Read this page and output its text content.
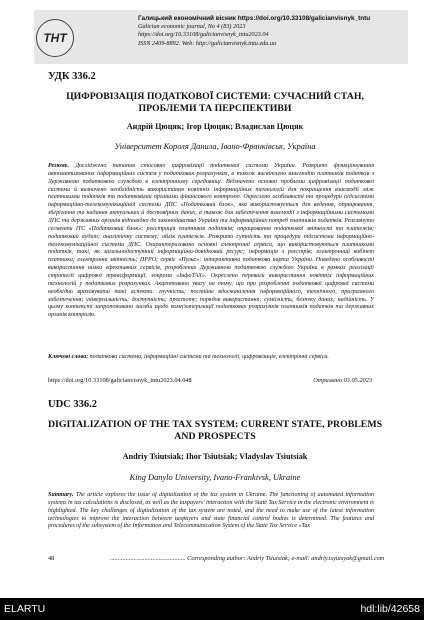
ТНТ
Галицький економічний вісник https://doi.org/10.33108/galicianvisnyk_tntu
Galician economic journal, No 4 (83) 2023
https://doi.org/10.33108/galicianvisnyk_tntu2023.04
ISSN 2409-8892. Web: http://galicianvisnyk.tntu.edu.ua
УДК 336.2
ЦИФРОВІЗАЦІЯ ПОДАТКОВОЇ СИСТЕМИ: СУЧАСНИЙ СТАН, ПРОБЛЕМИ ТА ПЕРСПЕКТИВИ
Андрій Цюцяк; Ігор Цюцяк; Владислав Цюцяк
Університет Короля Данила, Івано-Франківськ, Україна
Резюме. Досліджено питання стосовно цифровізації податкової системи України. Розкрито функціонування автоматизованих інформаційних систем у податкових розрахунках, а також висвітлено взаємодію платників податків з Державною податковою службою в електронному середовищі. Відзначено основні проблеми цифровізації податкової системи й визначено необхідність використання новітніх інформаційних технологій для покращення взаємодії між платниками податків та податковими органами фінансового контролю. Окреслено особливості та процедури підсистеми інформаційно-телекомунікаційної системи ДПС «Податковий блок», яка використовується для ведення, опрацювання, зберігання та надання актуальних й достовірних даних, а також для забезпечення взаємодії з інформаційними системами ДПС та державних органів відповідно до законодавства України та інформаційних потреб платників податків. Розглянуто сегменти ІТС «Податковий блок»: реєстрація платників податків; опрацювання податкової звітності та платежів; податковий аудит; аналітичну систему; облік платежів. Розкрито сутність та процедури підсистеми інформаційно-телекомунікаційної системи ДПС. Охарактеризовано основні електронні сервіси, що використовуються платниками податків, такі, як загальнодоступний інформаційно-довідковий ресурс; інформація з реєстрів; електронний кабінет платника; електронна звітність; ПРРО; сервіс «Пульс»; інтерактивна податкова карта України. Наведено особливості використання низки ефективних сервісів, розроблених Державною податковою службою України в рамках реалізації стратегії цифрової трансформації, зокрема «ІнфоТАХ». Окреслено переваги використання новітніх інформаційних технологій у податкових розрахунках. Акцентовано увагу на тому, що при розробленні податкової цифрової системи необхідно враховувати такі аспекти: гнучкість; постійне вдосконалення інформаційного, технічного, програмного забезпечення; універсальність; доступність; простоту; порядок використання; сумісність; безпеку даних; надійність. У цьому контексті запропоновано засоби щодо комп'ютеризації податкових розрахунків платників податків та державних органів контролю.
Ключові слова: податкова система, інформаційні системи та технології, цифровізація, електронні сервіси.
https://doi.org/10.33108/galicianvisnyk_tntu2023.04.048	Отримано 03.05.2023
UDC 336.2
DIGITALIZATION OF THE TAX SYSTEM: CURRENT STATE, PROBLEMS AND PROSPECTS
Andriy Tsiutsiak; Ihor Tsiutsiak; Vladyslav Tsiutsiak
King Danylo University, Ivano-Frankivsk, Ukraine
Summary. The article explores the issue of digitalization of the tax system in Ukraine. The functioning of automated information systems in tax calculations is disclosed, as well as the taxpayers' interaction with the State Tax Service in the electronic environment is highlighted. The key challenges of digitalization of the tax system are noted, and the need to make use of the latest information technologies to improve the interaction between taxpayers and state financial control bodies is determined. The features and procedures of the subsystem of the Information and Telecommunication System of the State Tax Service «Tax
48	................................................ Corresponding author: Andriy Tsiutsiak; e-mail: andriy.tsyutsyak@gmail.com
ELARTU	hdl:lib/42658
